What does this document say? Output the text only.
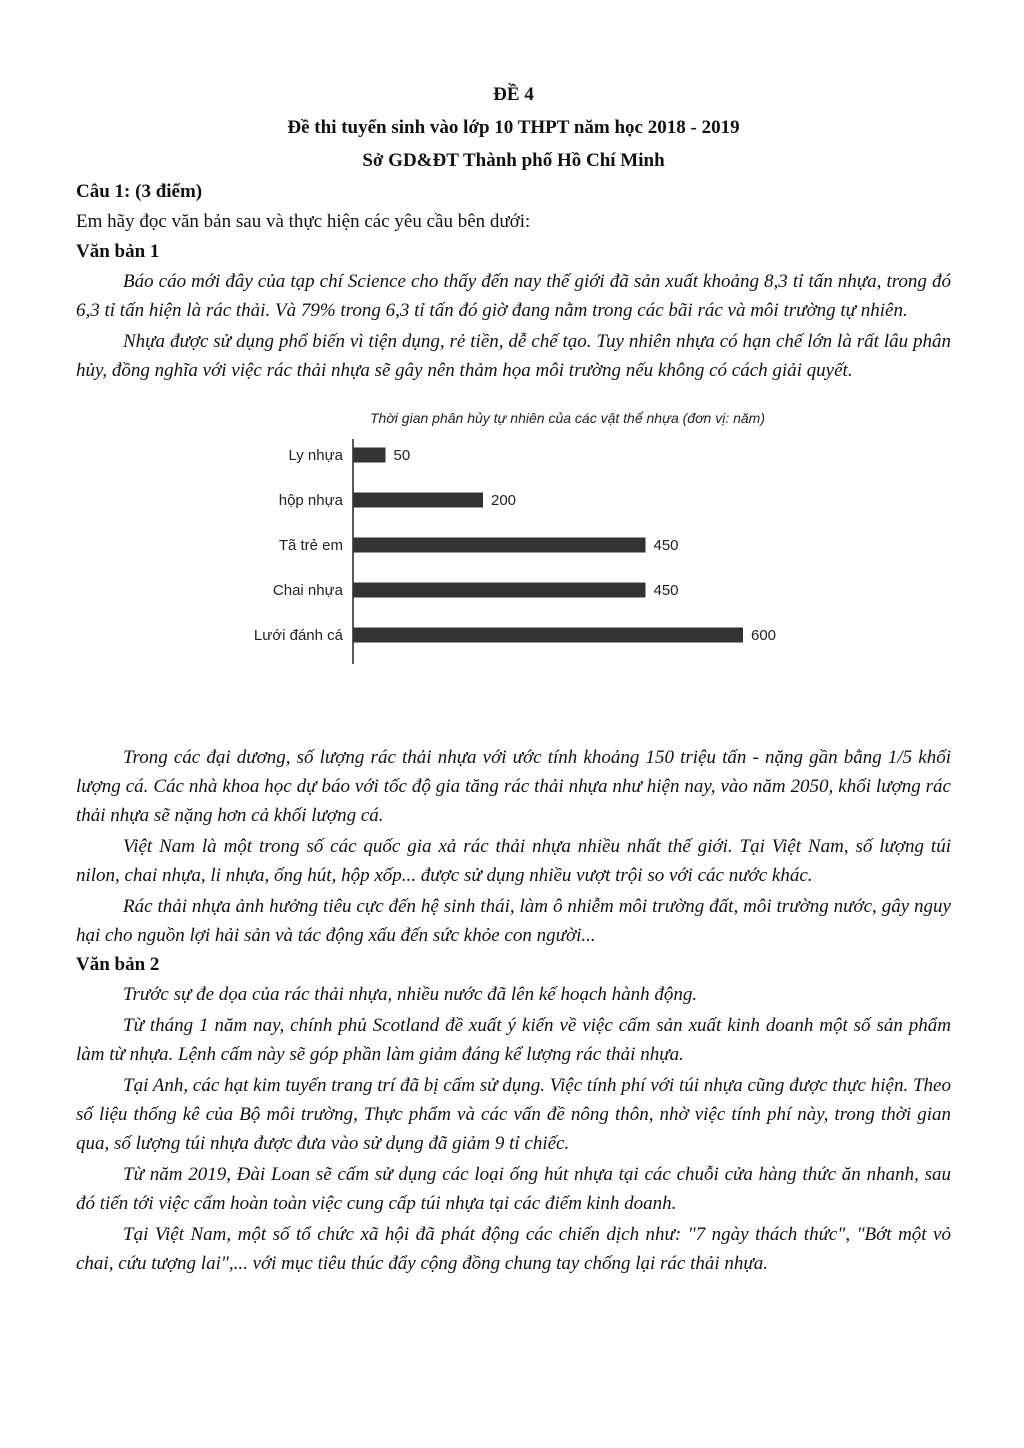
ĐỀ 4

Đề thi tuyển sinh vào lớp 10 THPT năm học 2018 - 2019

Sở GD&ĐT Thành phố Hồ Chí Minh

Câu 1: (3 điểm)

Em hãy đọc văn bản sau và thực hiện các yêu cầu bên dưới:

Văn bản 1

Báo cáo mới đây của tạp chí Science cho thấy đến nay thế giới đã sản xuất khoảng 8,3 tỉ tấn nhựa, trong đó 6,3 tỉ tấn hiện là rác thải. Và 79% trong 6,3 tỉ tấn đó giờ đang nằm trong các bãi rác và môi trường tự nhiên.

Nhựa được sử dụng phổ biến vì tiện dụng, rẻ tiền, dễ chế tạo. Tuy nhiên nhựa có hạn chế lớn là rất lâu phân hủy, đồng nghĩa với việc rác thải nhựa sẽ gây nên thảm họa môi trường nếu không có cách giải quyết.

Thời gian phân hủy tự nhiên của các vật thể nhựa (đơn vị: năm)
Ly nhựa	50
hộp nhựa	200
Tã trẻ em	450
Chai nhựa	450
Lưới đánh cá	600

Trong các đại dương, số lượng rác thải nhựa với ước tính khoảng 150 triệu tấn - nặng gần bằng 1/5 khối lượng cá. Các nhà khoa học dự báo với tốc độ gia tăng rác thải nhựa như hiện nay, vào năm 2050, khối lượng rác thải nhựa sẽ nặng hơn cả khối lượng cá.

Việt Nam là một trong số các quốc gia xả rác thải nhựa nhiều nhất thế giới. Tại Việt Nam, số lượng túi nilon, chai nhựa, li nhựa, ống hút, hộp xốp... được sử dụng nhiều vượt trội so với các nước khác.

Rác thải nhựa ảnh hưởng tiêu cực đến hệ sinh thái, làm ô nhiễm môi trường đất, môi trường nước, gây nguy hại cho nguồn lợi hải sản và tác động xấu đến sức khỏe con người...

Văn bản 2

Trước sự đe dọa của rác thải nhựa, nhiều nước đã lên kế hoạch hành động.

Từ tháng 1 năm nay, chính phủ Scotland đề xuất ý kiến về việc cấm sản xuất kinh doanh một số sản phẩm làm từ nhựa. Lệnh cấm này sẽ góp phần làm giảm đáng kể lượng rác thải nhựa.

Tại Anh, các hạt kim tuyến trang trí đã bị cấm sử dụng. Việc tính phí với túi nhựa cũng được thực hiện. Theo số liệu thống kê của Bộ môi trường, Thực phẩm và các vấn đề nông thôn, nhờ việc tính phí này, trong thời gian qua, số lượng túi nhựa được đưa vào sử dụng đã giảm 9 tỉ chiếc.

Từ năm 2019, Đài Loan sẽ cấm sử dụng các loại ống hút nhựa tại các chuỗi cửa hàng thức ăn nhanh, sau đó tiến tới việc cấm hoàn toàn việc cung cấp túi nhựa tại các điểm kinh doanh.

Tại Việt Nam, một số tổ chức xã hội đã phát động các chiến dịch như: "7 ngày thách thức", "Bớt một vỏ chai, cứu tượng lai",... với mục tiêu thúc đẩy cộng đồng chung tay chống lại rác thải nhựa.
